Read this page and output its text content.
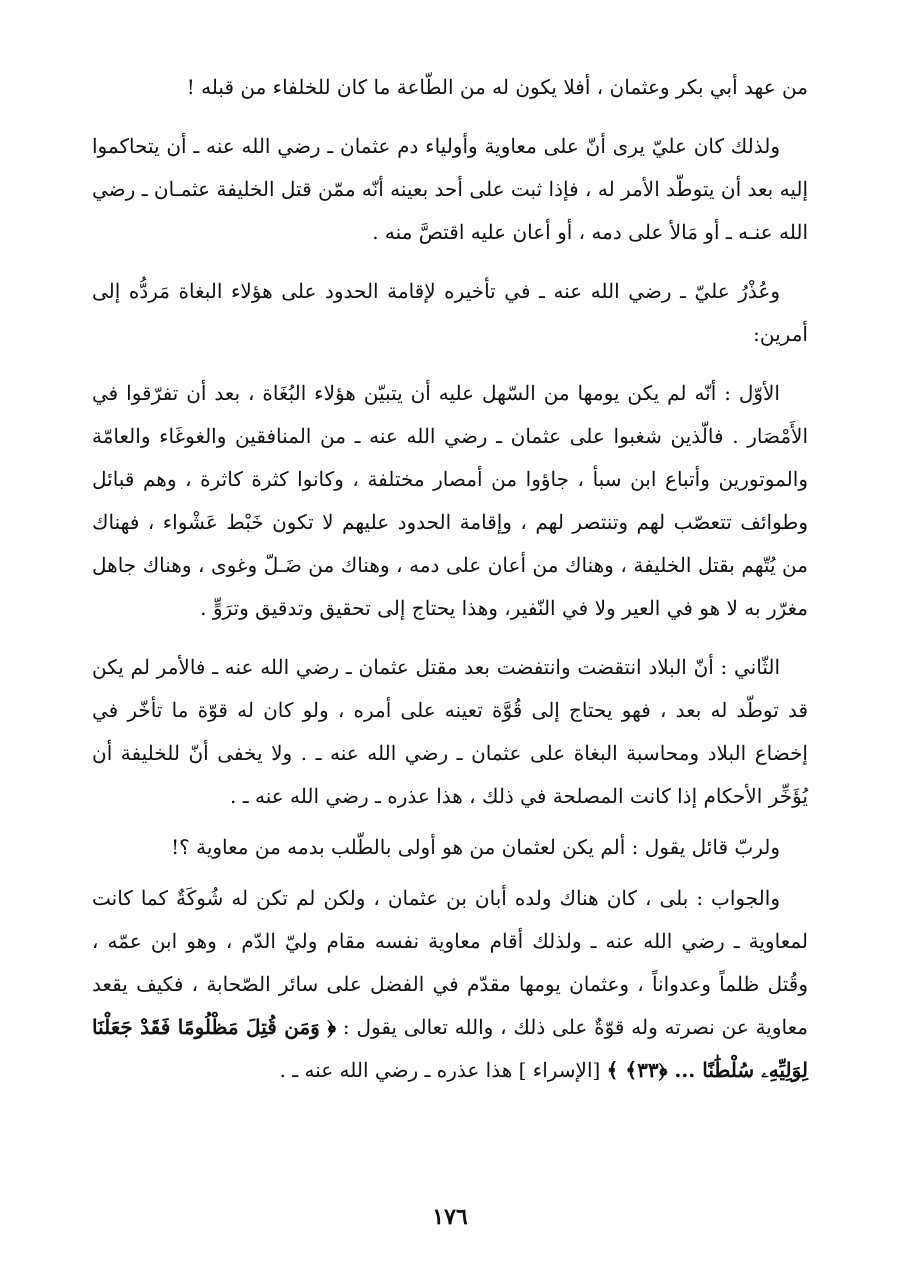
من عهد أبي بكر وعثمان ، أفلا يكون له من الطّاعة ما كان للخلفاء من قبله !

ولذلك كان عليّ يرى أنّ على معاوية وأولياء دم عثمان ـ رضي الله عنه ـ أن يتحاكموا إليه بعد أن يتوطّد الأمر له ، فإذا ثبت على أحد بعينه أنّه ممّن قتل الخليفة عثمـان ـ رضي الله عنـه ـ أو مَالأ على دمه ، أو أعان عليه اقتصَّ منه .

وعُذْرُ عليّ ـ رضي الله عنه ـ في تأخيره لإقامة الحدود على هؤلاء البغاة مَردُّه إلى أمرين:

الأوّل : أنّه لم يكن يومها من السّهل عليه أن يتبيّن هؤلاء البُغَاة ، بعد أن تفرّقوا في الأَمْصَار . فالّذين شغبوا على عثمان ـ رضي الله عنه ـ من المنافقين والغوغَاء والعامّة والموتورين وأتباع ابن سبأ ، جاؤوا من أمصار مختلفة ، وكانوا كثرة كاثرة ، وهم قبائل وطوائف تتعصّب لهم وتنتصر لهم ، وإقامة الحدود عليهم لا تكون خَبْط عَشْواء ، فهناك من يُتّهم بقتل الخليفة ، وهناك من أعان على دمه ، وهناك من ضَـلّ وغوى ، وهناك جاهل مغرّر به لا هو في العير ولا في النّفير، وهذا يحتاج إلى تحقيق وتدقيق وترَوٍّ .

الثّاني : أنّ البلاد انتقضت وانتفضت بعد مقتل عثمان ـ رضي الله عنه ـ فالأمر لم يكن قد توطّد له بعد ، فهو يحتاج إلى قُوَّة تعينه على أمره ، ولو كان له قوّة ما تأخّر في إخضاع البلاد ومحاسبة البغاة على عثمان ـ رضي الله عنه ـ . ولا يخفى أنّ للخليفة أن يُؤَخِّر الأحكام إذا كانت المصلحة في ذلك ، هذا عذره ـ رضي الله عنه ـ .

ولربّ قائل يقول : ألم يكن لعثمان من هو أولى بالطّلب بدمه من معاوية ؟!

والجواب : بلى ، كان هناك ولده أبان بن عثمان ، ولكن لم تكن له شُوكَةٌ كما كانت لمعاوية ـ رضي الله عنه ـ ولذلك أقام معاوية نفسه مقام وليّ الدّم ، وهو ابن عمّه ، وقُتل ظلماً وعدواناً ، وعثمان يومها مقدّم في الفضل على سائر الصّحابة ، فكيف يقعد معاوية عن نصرته وله قوّةٌ على ذلك ، والله تعالى يقول : ﴿ وَمَن قُتِلَ مَظْلُومًا فَقَدْ جَعَلْنَا لِوَلِيِّهِۦ سُلْطَٰنًا ... ﴿٣٣﴾ ﴾ [الإسراء ] هذا عذره ـ رضي الله عنه ـ .

١٧٦
